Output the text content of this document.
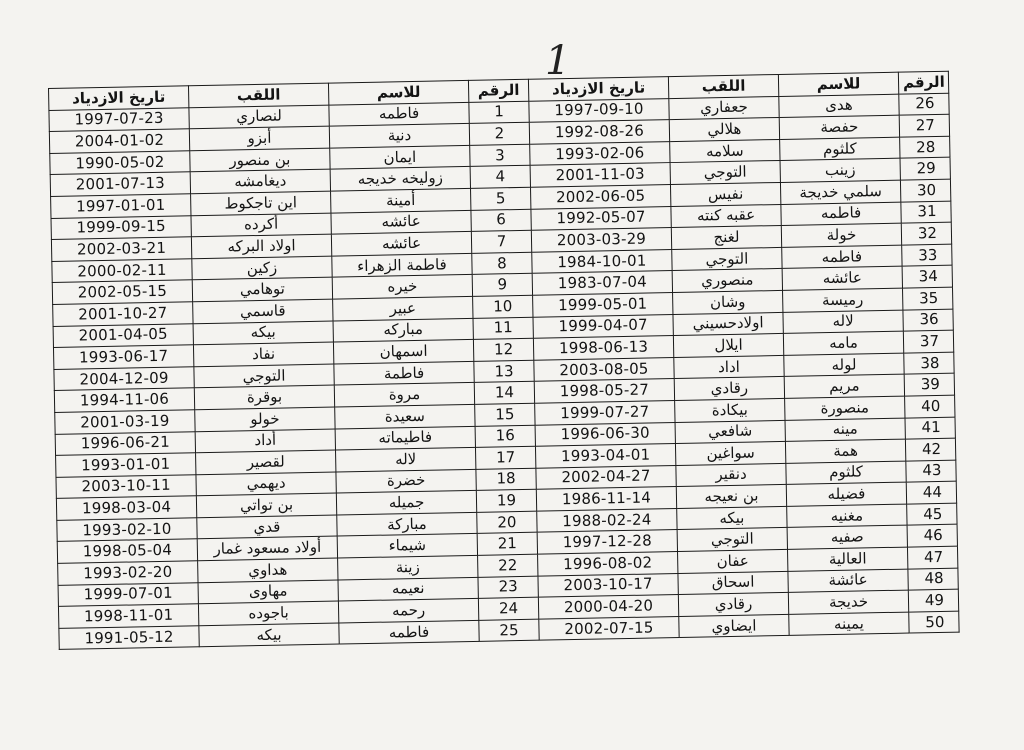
1
تاريخ الازدياد	اللقب	للاسم	الرقم	تاريخ الازدياد	اللقب	للاسم	الرقم
1997-07-23	لنصاري	فاطمه	1	1997-09-10	جعفاري	هدى	26
2004-01-02	أبزو	دنية	2	1992-08-26	هلالي	حفصة	27
1990-05-02	بن منصور	ايمان	3	1993-02-06	سلامه	كلثوم	28
2001-07-13	ديغامشه	زوليخه خديجه	4	2001-11-03	التوجي	زينب	29
1997-01-01	اين تاجكوط	أمينة	5	2002-06-05	نفيس	سلمي خديجة	30
1999-09-15	أكرده	عائشه	6	1992-05-07	عقبه كنته	فاطمه	31
2002-03-21	اولاد البركه	عائشه	7	2003-03-29	لغنج	خولة	32
2000-02-11	زكين	فاطمة الزهراء	8	1984-10-01	التوجي	فاطمه	33
2002-05-15	توهامي	خيره	9	1983-07-04	منصوري	عائشه	34
2001-10-27	قاسمي	عبير	10	1999-05-01	وشان	رميسة	35
2001-04-05	بيكه	مباركه	11	1999-04-07	اولادحسيني	لاله	36
1993-06-17	نفاد	اسمهان	12	1998-06-13	ايلال	مامه	37
2004-12-09	التوجي	فاطمة	13	2003-08-05	اداد	لوله	38
1994-11-06	بوقرة	مروة	14	1998-05-27	رقادي	مريم	39
2001-03-19	خولو	سعيدة	15	1999-07-27	بيكادة	منصورة	40
1996-06-21	أداد	فاطيماته	16	1996-06-30	شافعي	مينه	41
1993-01-01	لقصير	لاله	17	1993-04-01	سواغين	همة	42
2003-10-11	ديهمي	خضرة	18	2002-04-27	دنقير	كلثوم	43
1998-03-04	بن تواتي	جميله	19	1986-11-14	بن نعيجه	فضيله	44
1993-02-10	قدي	مباركة	20	1988-02-24	بيكه	مغنيه	45
1998-05-04	أولاد مسعود غمار	شيماء	21	1997-12-28	التوجي	صفيه	46
1993-02-20	هداوي	زينة	22	1996-08-02	عفان	العالية	47
1999-07-01	مهاوى	نعيمه	23	2003-10-17	اسحاق	عائشة	48
1998-11-01	باجوده	رحمه	24	2000-04-20	رقادي	خديجة	49
1991-05-12	بيكه	فاطمه	25	2002-07-15	ايضاوي	يمينه	50
